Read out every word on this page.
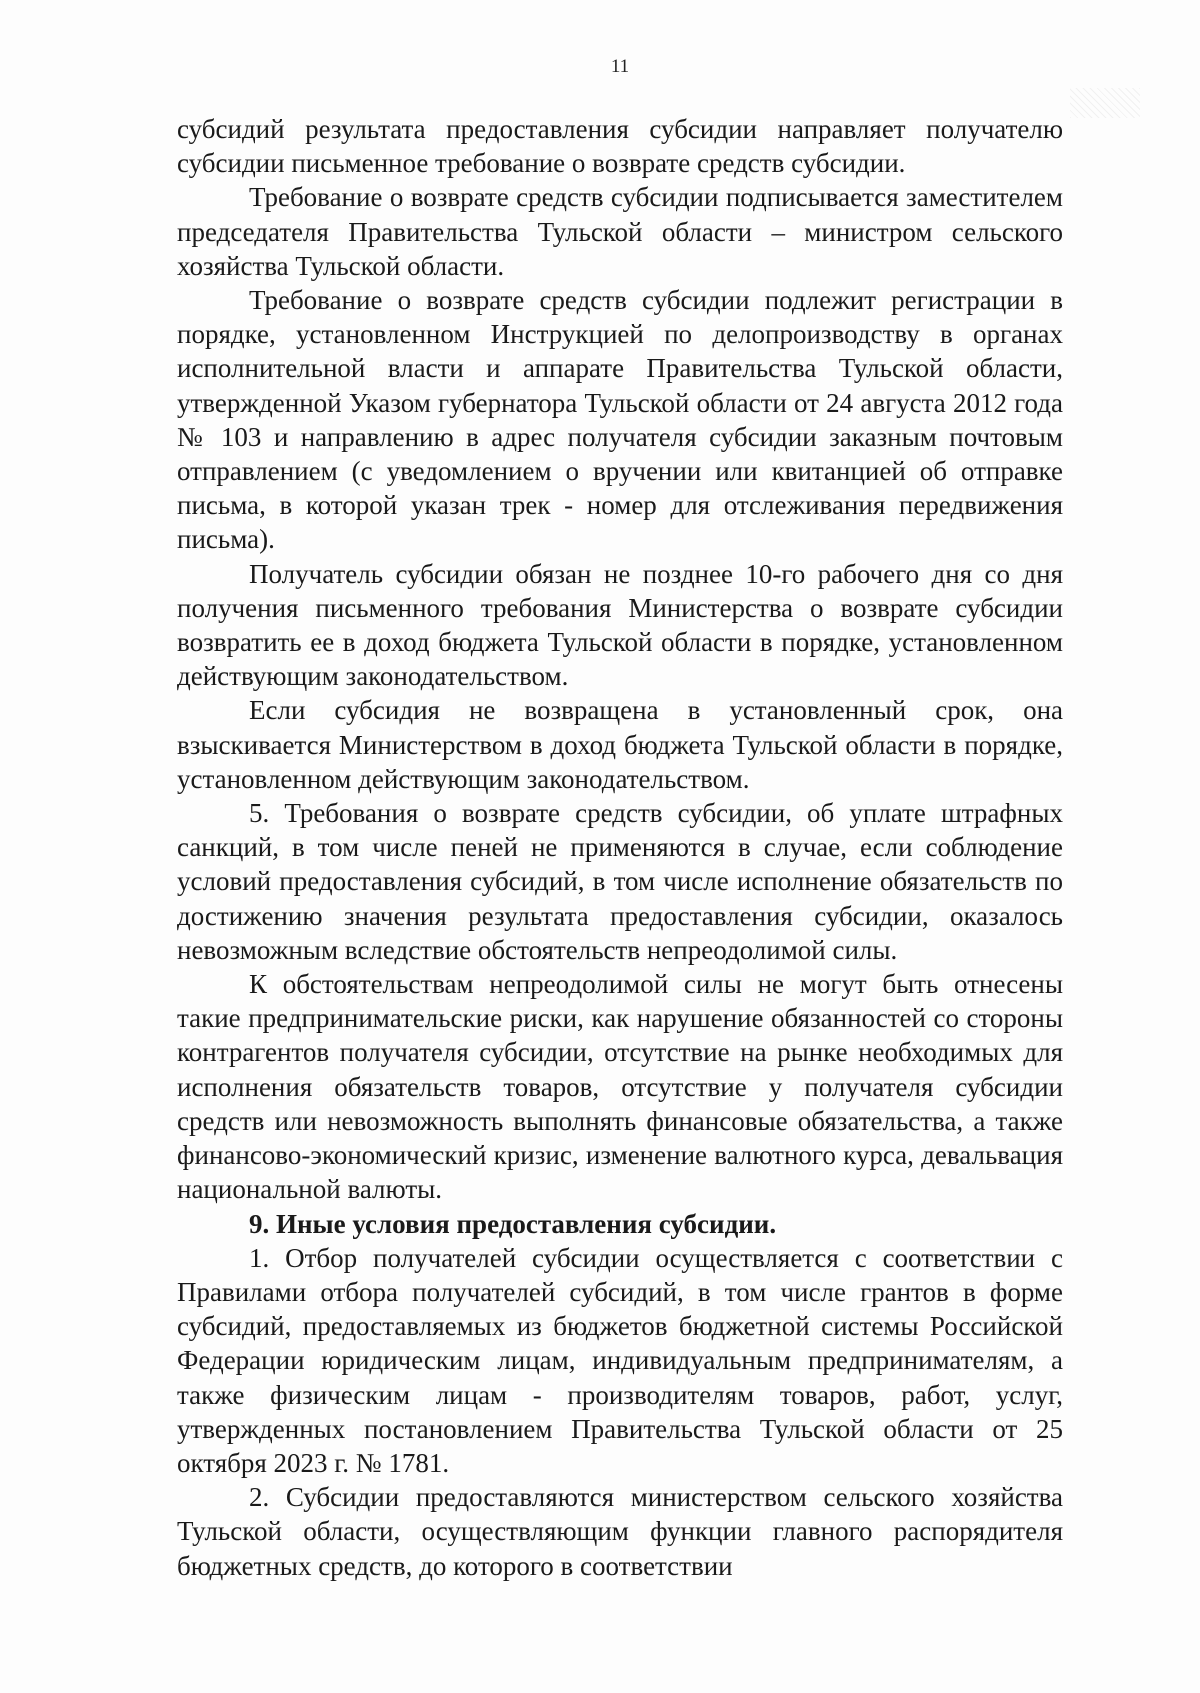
11

субсидий результата предоставления субсидии направляет получателю субсидии письменное требование о возврате средств субсидии.

Требование о возврате средств субсидии подписывается заместителем председателя Правительства Тульской области – министром сельского хозяйства Тульской области.

Требование о возврате средств субсидии подлежит регистрации в порядке, установленном Инструкцией по делопроизводству в органах исполнительной власти и аппарате Правительства Тульской области, утвержденной Указом губернатора Тульской области от 24 августа 2012 года № 103 и направлению в адрес получателя субсидии заказным почтовым отправлением (с уведомлением о вручении или квитанцией об отправке письма, в которой указан трек - номер для отслеживания передвижения письма).

Получатель субсидии обязан не позднее 10-го рабочего дня со дня получения письменного требования Министерства о возврате субсидии возвратить ее в доход бюджета Тульской области в порядке, установленном действующим законодательством.

Если субсидия не возвращена в установленный срок, она взыскивается Министерством в доход бюджета Тульской области в порядке, установленном действующим законодательством.

5. Требования о возврате средств субсидии, об уплате штрафных санкций, в том числе пеней не применяются в случае, если соблюдение условий предоставления субсидий, в том числе исполнение обязательств по достижению значения результата предоставления субсидии, оказалось невозможным вследствие обстоятельств непреодолимой силы.

К обстоятельствам непреодолимой силы не могут быть отнесены такие предпринимательские риски, как нарушение обязанностей со стороны контрагентов получателя субсидии, отсутствие на рынке необходимых для исполнения обязательств товаров, отсутствие у получателя субсидии средств или невозможность выполнять финансовые обязательства, а также финансово-экономический кризис, изменение валютного курса, девальвация национальной валюты.

9. Иные условия предоставления субсидии.

1. Отбор получателей субсидии осуществляется с соответствии с Правилами отбора получателей субсидий, в том числе грантов в форме субсидий, предоставляемых из бюджетов бюджетной системы Российской Федерации юридическим лицам, индивидуальным предпринимателям, а также физическим лицам - производителям товаров, работ, услуг, утвержденных постановлением Правительства Тульской области от 25 октября 2023 г. № 1781.

2. Субсидии предоставляются министерством сельского хозяйства Тульской области, осуществляющим функции главного распорядителя бюджетных средств, до которого в соответствии
